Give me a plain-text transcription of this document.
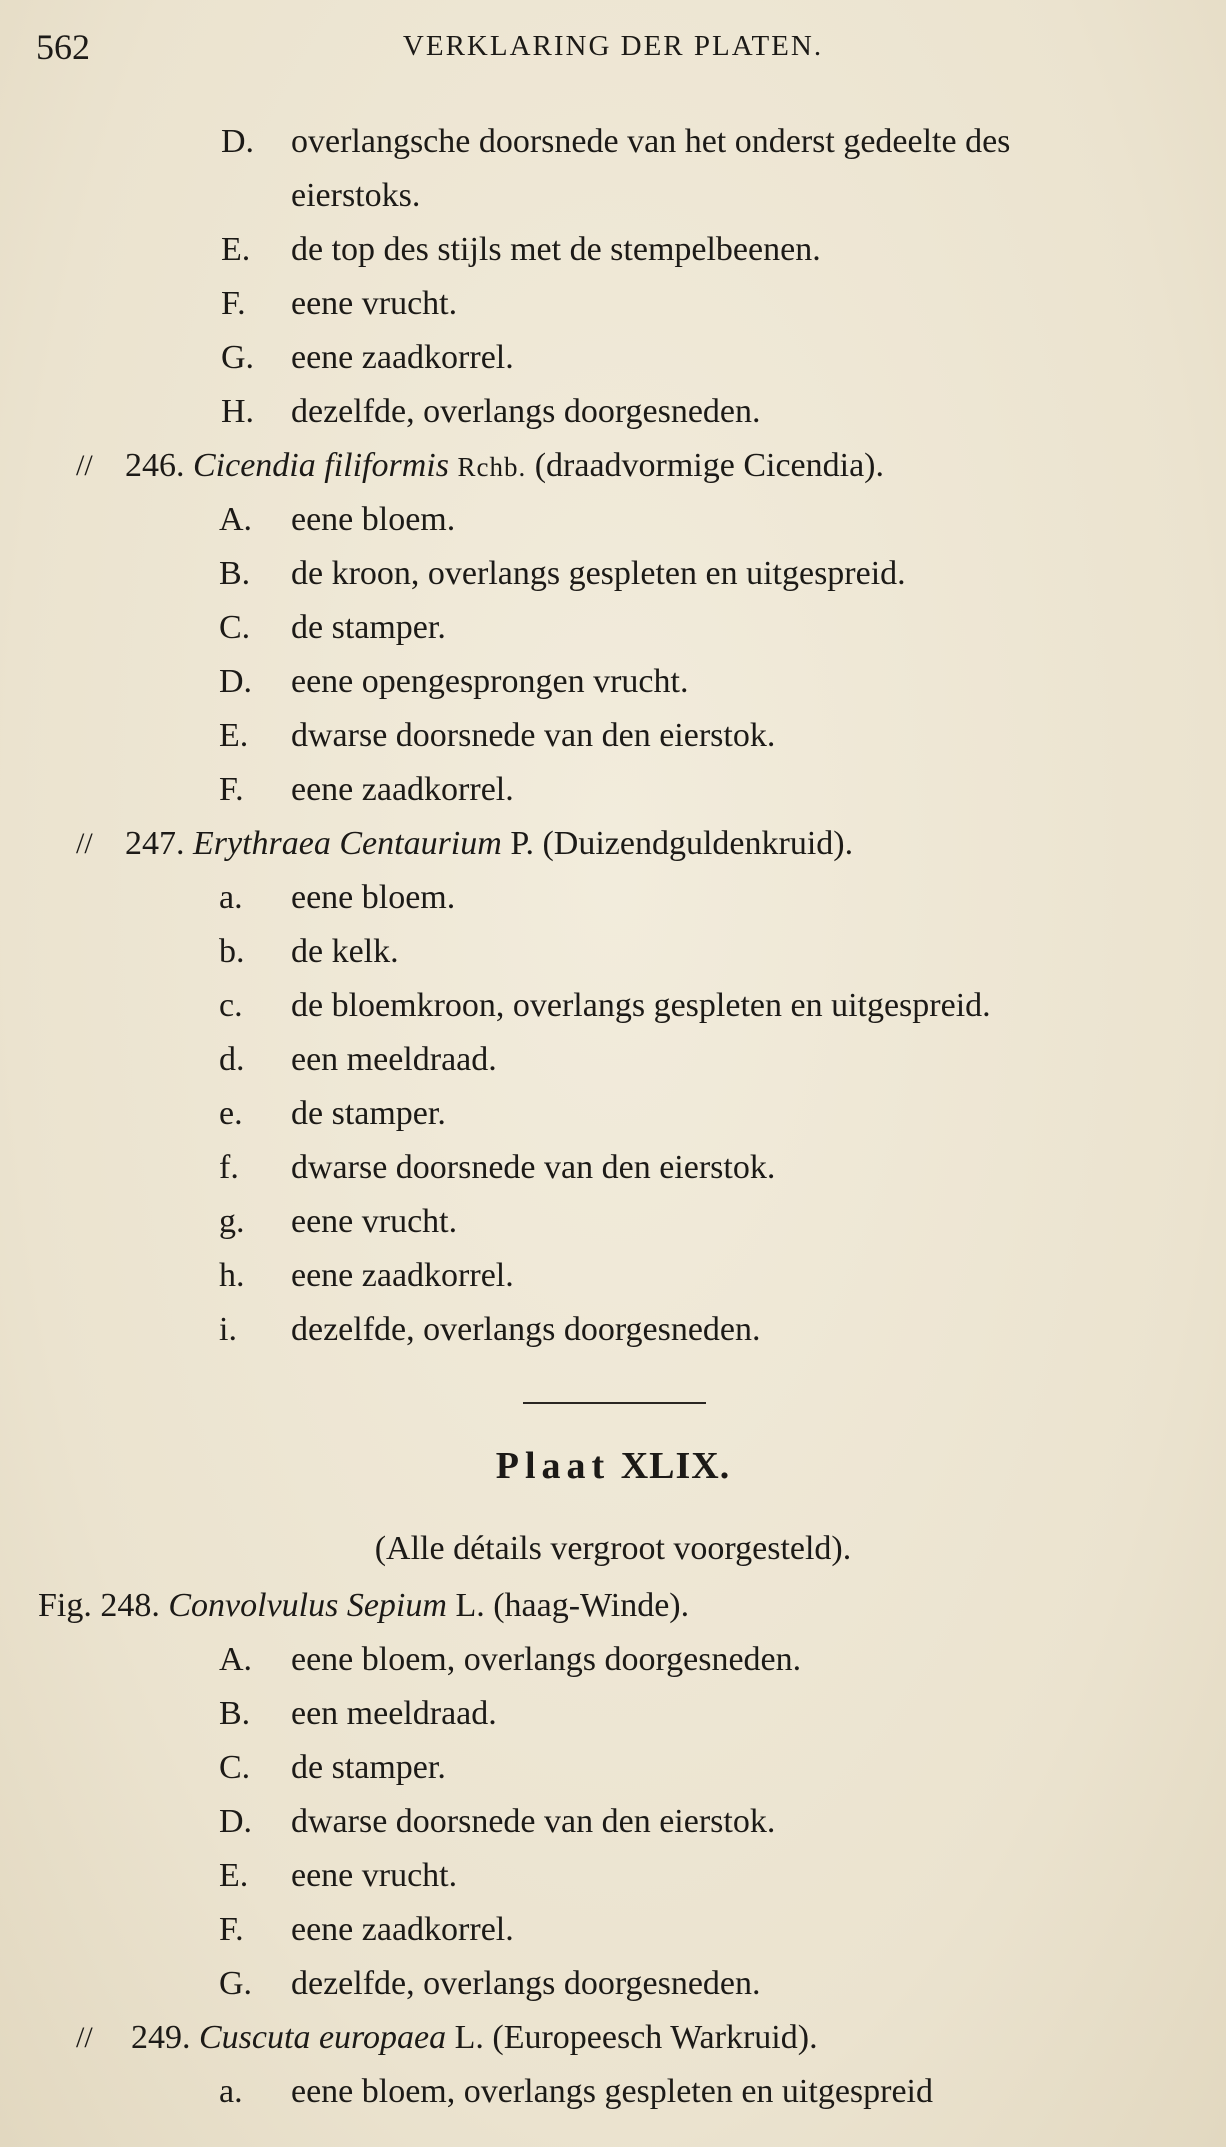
562	VERKLARING DER PLATEN.
D. overlangsche doorsnede van het onderst gedeelte des
eierstoks.
E. de top des stijls met de stempelbeenen.
F. eene vrucht.
G. eene zaadkorrel.
H. dezelfde, overlangs doorgesneden.
// 246. Cicendia filiformis Rchb. (draadvormige Cicendia).
A. eene bloem.
B. de kroon, overlangs gespleten en uitgespreid.
C. de stamper.
D. eene opengesprongen vrucht.
E. dwarse doorsnede van den eierstok.
F. eene zaadkorrel.
// 247. Erythraea Centaurium P. (Duizendguldenkruid).
a. eene bloem.
b. de kelk.
c. de bloemkroon, overlangs gespleten en uitgespreid.
d. een meeldraad.
e. de stamper.
f. dwarse doorsnede van den eierstok.
g. eene vrucht.
h. eene zaadkorrel.
i. dezelfde, overlangs doorgesneden.
Plaat XLIX.
(Alle détails vergroot voorgesteld).
Fig. 248. Convolvulus Sepium L. (haag-Winde).
A. eene bloem, overlangs doorgesneden.
B. een meeldraad.
C. de stamper.
D. dwarse doorsnede van den eierstok.
E. eene vrucht.
F. eene zaadkorrel.
G. dezelfde, overlangs doorgesneden.
// 249. Cuscuta europaea L. (Europeesch Warkruid).
a. eene bloem, overlangs gespleten en uitgespreid
